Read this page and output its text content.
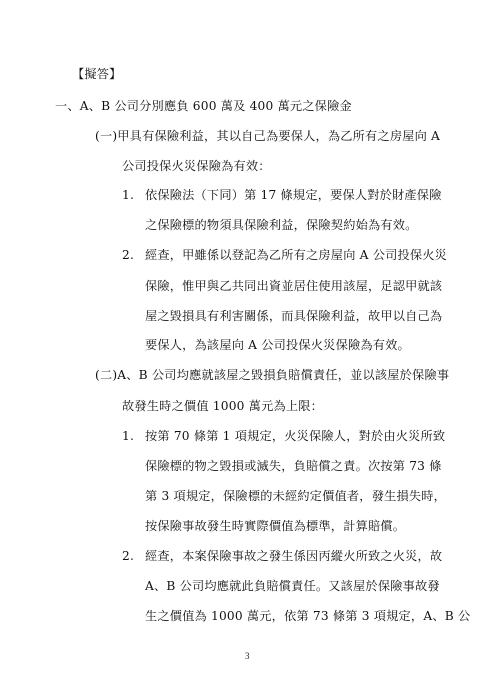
【擬答】
一、A、B 公司分別應負 600 萬及 400 萬元之保險金
(一)甲具有保險利益，其以自己為要保人，為乙所有之房屋向 A
公司投保火災保險為有效：
1. 依保險法（下同）第 17 條規定，要保人對於財產保險
之保險標的物須具保險利益，保險契約始為有效。
2. 經查，甲雖係以登記為乙所有之房屋向 A 公司投保火災
保險，惟甲與乙共同出資並居住使用該屋，足認甲就該
屋之毀損具有利害關係，而具保險利益，故甲以自己為
要保人，為該屋向 A 公司投保火災保險為有效。
(二)A、B 公司均應就該屋之毀損負賠償責任，並以該屋於保險事
故發生時之價值 1000 萬元為上限：
1. 按第 70 條第 1 項規定，火災保險人，對於由火災所致
保險標的物之毀損或滅失，負賠償之責。次按第 73 條
第 3 項規定，保險標的未經約定價值者，發生損失時，
按保險事故發生時實際價值為標準，計算賠償。
2. 經查，本案保險事故之發生係因丙縱火所致之火災，故
A、B 公司均應就此負賠償責任。又該屋於保險事故發
生之價值為 1000 萬元，依第 73 條第 3 項規定，A、B 公
3
